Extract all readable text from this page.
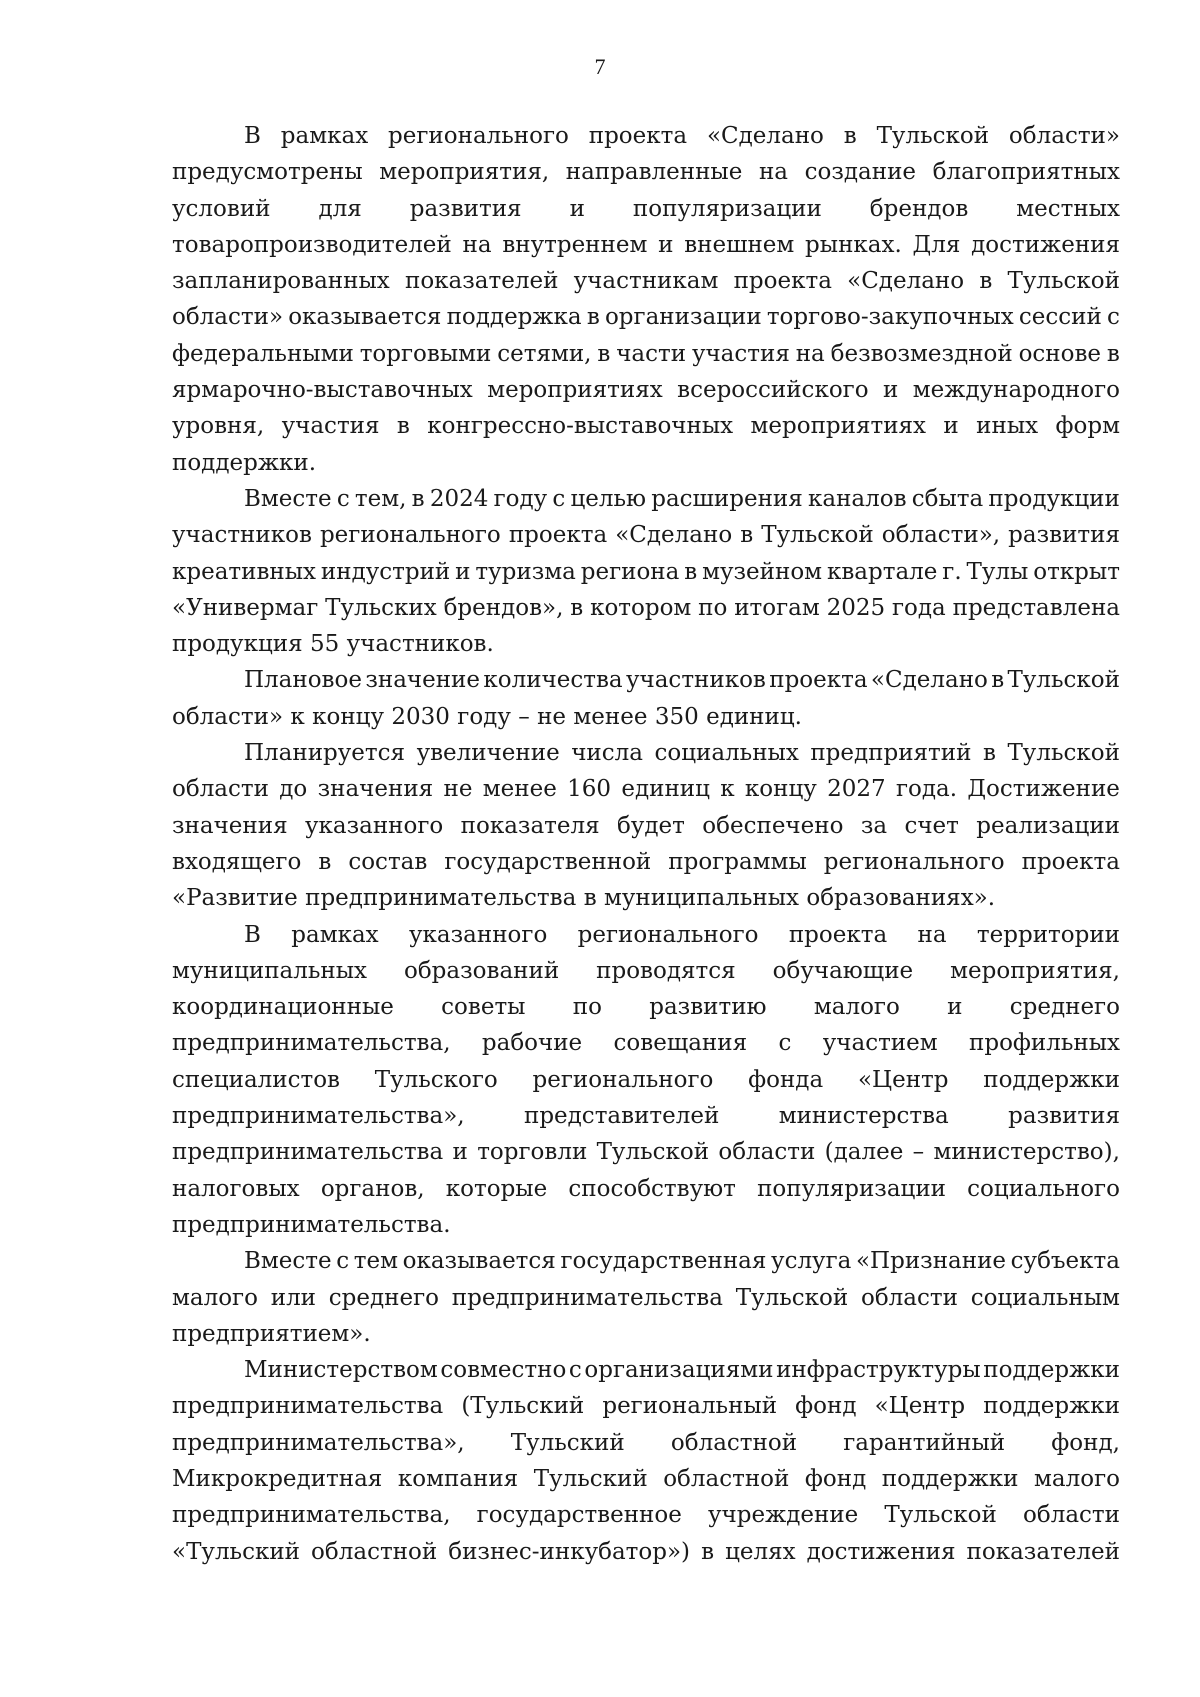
7
В рамках регионального проекта «Сделано в Тульской области»
предусмотрены мероприятия, направленные на создание благоприятных
условий для развития и популяризации брендов местных
товаропроизводителей на внутреннем и внешнем рынках. Для достижения
запланированных показателей участникам проекта «Сделано в Тульской
области» оказывается поддержка в организации торгово-закупочных сессий с
федеральными торговыми сетями, в части участия на безвозмездной основе в
ярмарочно-выставочных мероприятиях всероссийского и международного
уровня, участия в конгрессно-выставочных мероприятиях и иных форм
поддержки.
Вместе с тем, в 2024 году с целью расширения каналов сбыта продукции
участников регионального проекта «Сделано в Тульской области», развития
креативных индустрий и туризма региона в музейном квартале г. Тулы открыт
«Универмаг Тульских брендов», в котором по итогам 2025 года представлена
продукция 55 участников.
Плановое значение количества участников проекта «Сделано в Тульской
области» к концу 2030 году – не менее 350 единиц.
Планируется увеличение числа социальных предприятий в Тульской
области до значения не менее 160 единиц к концу 2027 года. Достижение
значения указанного показателя будет обеспечено за счет реализации
входящего в состав государственной программы регионального проекта
«Развитие предпринимательства в муниципальных образованиях».
В рамках указанного регионального проекта на территории
муниципальных образований проводятся обучающие мероприятия,
координационные советы по развитию малого и среднего
предпринимательства, рабочие совещания с участием профильных
специалистов Тульского регионального фонда «Центр поддержки
предпринимательства»,	представителей	министерства	развития
предпринимательства и торговли Тульской области (далее – министерство),
налоговых органов, которые способствуют популяризации социального
предпринимательства.
Вместе с тем оказывается государственная услуга «Признание субъекта
малого или среднего предпринимательства Тульской области социальным
предприятием».
Министерством совместно с организациями инфраструктуры поддержки
предпринимательства (Тульский региональный фонд «Центр поддержки
предпринимательства», Тульский областной гарантийный фонд,
Микрокредитная компания Тульский областной фонд поддержки малого
предпринимательства, государственное учреждение Тульской области
«Тульский областной бизнес-инкубатор») в целях достижения показателей
